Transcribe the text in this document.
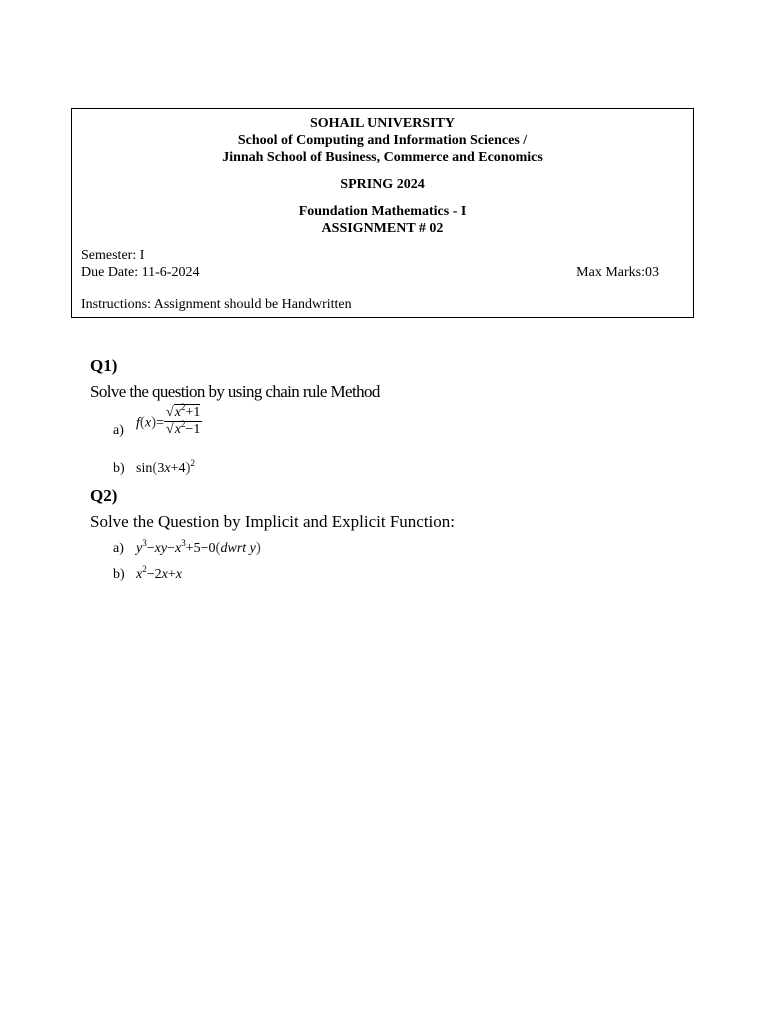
SOHAIL UNIVERSITY
School of Computing and Information Sciences /
Jinnah School of Business, Commerce and Economics
SPRING 2024
Foundation Mathematics - I
ASSIGNMENT # 02
Semester: I
Due Date: 11-6-2024	Max Marks:03
Instructions: Assignment should be Handwritten
Q1)
Solve the question by using chain rule Method
a) $f(x)= \frac{√x^2+1}{√x^2-1}$
b) $\sin(3x+4)^2$
Q2)
Solve the Question by Implicit and Explicit Function:
a) $y^3-xy-x^3+5-0(dwrt$ y)
b) $x^2-2x+x$
